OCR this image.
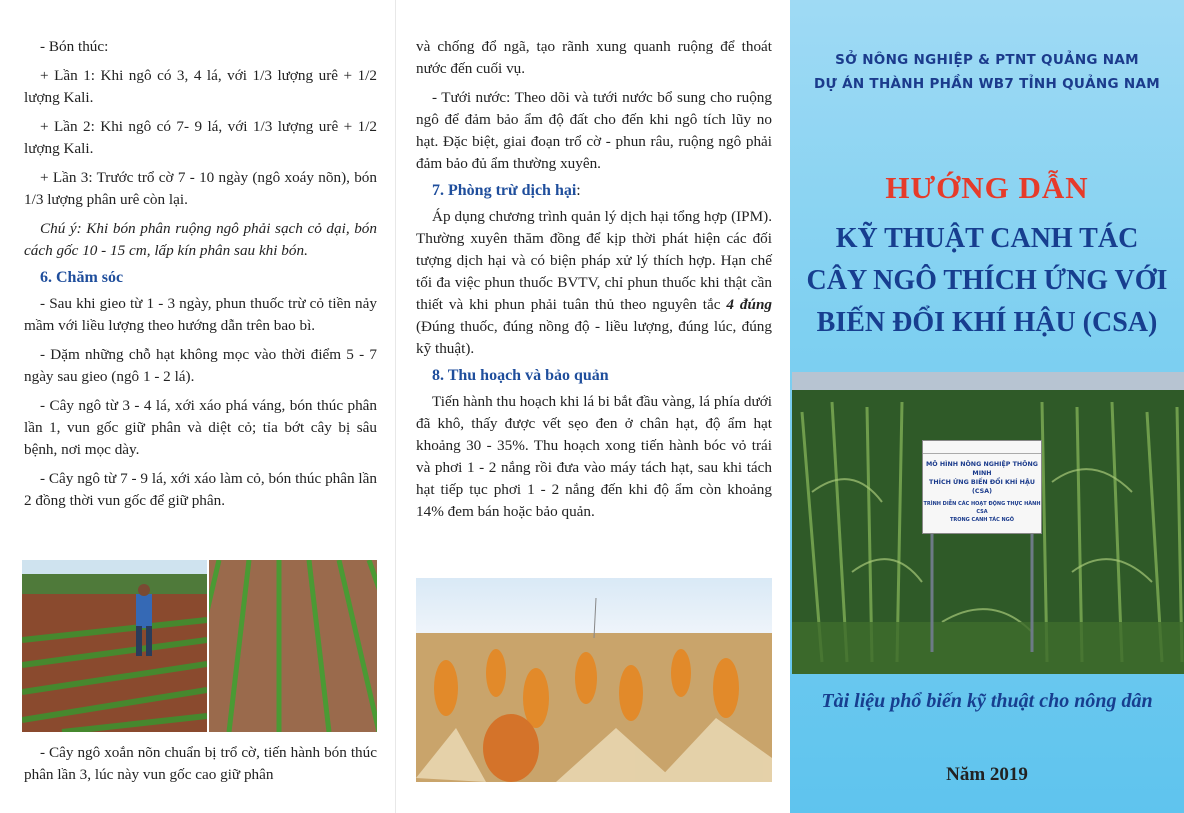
- Bón thúc:

+ Lần 1: Khi ngô có 3, 4 lá, với 1/3 lượng urê + 1/2 lượng Kali.

+ Lần 2: Khi ngô có 7- 9 lá, với 1/3 lượng urê + 1/2 lượng Kali.

+ Lần 3: Trước trổ cờ 7 - 10 ngày (ngô xoáy nõn), bón 1/3 lượng phân urê còn lại.

Chú ý: Khi bón phân ruộng ngô phải sạch cỏ dại, bón cách gốc 10 - 15 cm, lấp kín phân sau khi bón.

6. Chăm sóc

- Sau khi gieo từ 1 - 3 ngày, phun thuốc trừ cỏ tiền nảy mầm với liều lượng theo hướng dẫn trên bao bì.

- Dặm những chỗ hạt không mọc vào thời điểm 5 - 7 ngày sau gieo (ngô 1 - 2 lá).

- Cây ngô từ 3 - 4 lá, xới xáo phá váng, bón thúc phân lần 1, vun gốc giữ phân và diệt cỏ; tỉa bớt cây bị sâu bệnh, nơi mọc dày.

- Cây ngô từ 7 - 9 lá, xới xáo làm cỏ, bón thúc phân lần 2 đồng thời vun gốc để giữ phân.

- Cây ngô xoắn nõn chuẩn bị trổ cờ, tiến hành bón thúc phân lần 3, lúc này vun gốc cao giữ phân

và chống đổ ngã, tạo rãnh xung quanh ruộng để thoát nước đến cuối vụ.

- Tưới nước: Theo dõi và tưới nước bổ sung cho ruộng ngô để đảm bảo ẩm độ đất cho đến khi ngô tích lũy no hạt. Đặc biệt, giai đoạn trổ cờ - phun râu, ruộng ngô phải đảm bảo đủ ẩm thường xuyên.

7. Phòng trừ dịch hại:

Áp dụng chương trình quản lý dịch hại tổng hợp (IPM). Thường xuyên thăm đồng để kịp thời phát hiện các đối tượng dịch hại và có biện pháp xử lý thích hợp. Hạn chế tối đa việc phun thuốc BVTV, chỉ phun thuốc khi thật cần thiết và khi phun phải tuân thủ theo nguyên tắc 4 đúng (Đúng thuốc, đúng nồng độ - liều lượng, đúng lúc, đúng kỹ thuật).

8. Thu hoạch và bảo quản

Tiến hành thu hoạch khi lá bi bắt đầu vàng, lá phía dưới đã khô, thấy được vết sẹo đen ở chân hạt, độ ẩm hạt khoảng 30 - 35%. Thu hoạch xong tiến hành bóc vỏ trái và phơi 1 - 2 nắng rồi đưa vào máy tách hạt, sau khi tách hạt tiếp tục phơi 1 - 2 nắng đến khi độ ẩm còn khoảng 14% đem bán hoặc bảo quản.

SỞ NÔNG NGHIỆP & PTNT QUẢNG NAM
DỰ ÁN THÀNH PHẦN WB7 TỈNH QUẢNG NAM
HƯỚNG DẪN
KỸ THUẬT CANH TÁC
CÂY NGÔ THÍCH ỨNG VỚI
BIẾN ĐỔI KHÍ HẬU (CSA)
MÔ HÌNH NÔNG NGHIỆP THÔNG MINH
THÍCH ỨNG BIẾN ĐỔI KHÍ HẬU (CSA)
TRÌNH DIỄN CÁC HOẠT ĐỘNG THỰC HÀNH CSA
TRONG CANH TÁC NGÔ
Tài liệu phổ biến kỹ thuật cho nông dân
Năm 2019
